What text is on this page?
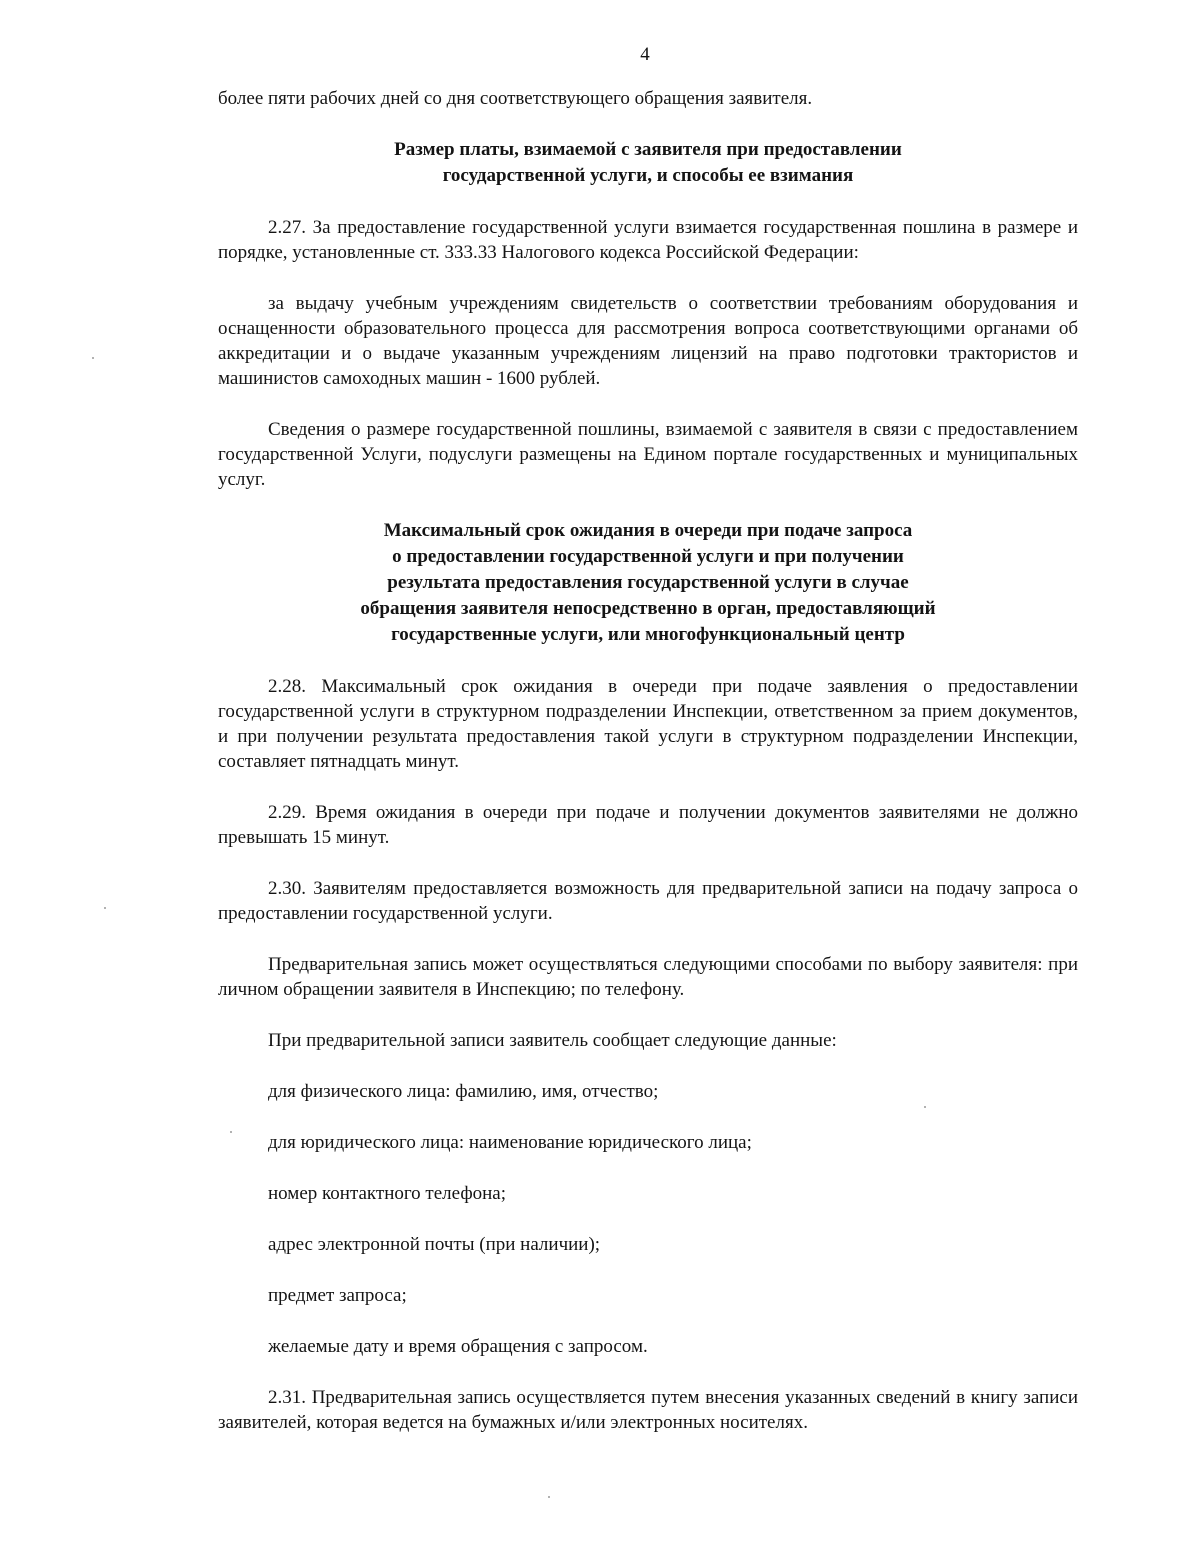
4

более пяти рабочих дней со дня соответствующего обращения заявителя.

Размер платы, взимаемой с заявителя при предоставлении
государственной услуги, и способы ее взимания

2.27. За предоставление государственной услуги взимается государственная пошлина в размере и порядке, установленные ст. 333.33 Налогового кодекса Российской Федерации:

за выдачу учебным учреждениям свидетельств о соответствии требованиям оборудования и оснащенности образовательного процесса для рассмотрения вопроса соответствующими органами об аккредитации и о выдаче указанным учреждениям лицензий на право подготовки трактористов и машинистов самоходных машин - 1600 рублей.

Сведения о размере государственной пошлины, взимаемой с заявителя в связи с предоставлением государственной Услуги, подуслуги размещены на Едином портале государственных и муниципальных услуг.

Максимальный срок ожидания в очереди при подаче запроса
о предоставлении государственной услуги и при получении
результата предоставления государственной услуги в случае
обращения заявителя непосредственно в орган, предоставляющий
государственные услуги, или многофункциональный центр

2.28. Максимальный срок ожидания в очереди при подаче заявления о предоставлении государственной услуги в структурном подразделении Инспекции, ответственном за прием документов, и при получении результата предоставления такой услуги в структурном подразделении Инспекции, составляет пятнадцать минут.

2.29. Время ожидания в очереди при подаче и получении документов заявителями не должно превышать 15 минут.

2.30. Заявителям предоставляется возможность для предварительной записи на подачу запроса о предоставлении государственной услуги.

Предварительная запись может осуществляться следующими способами по выбору заявителя: при личном обращении заявителя в Инспекцию; по телефону.

При предварительной записи заявитель сообщает следующие данные:

для физического лица: фамилию, имя, отчество;

для юридического лица: наименование юридического лица;

номер контактного телефона;

адрес электронной почты (при наличии);

предмет запроса;

желаемые дату и время обращения с запросом.

2.31. Предварительная запись осуществляется путем внесения указанных сведений в книгу записи заявителей, которая ведется на бумажных и/или электронных носителях.
